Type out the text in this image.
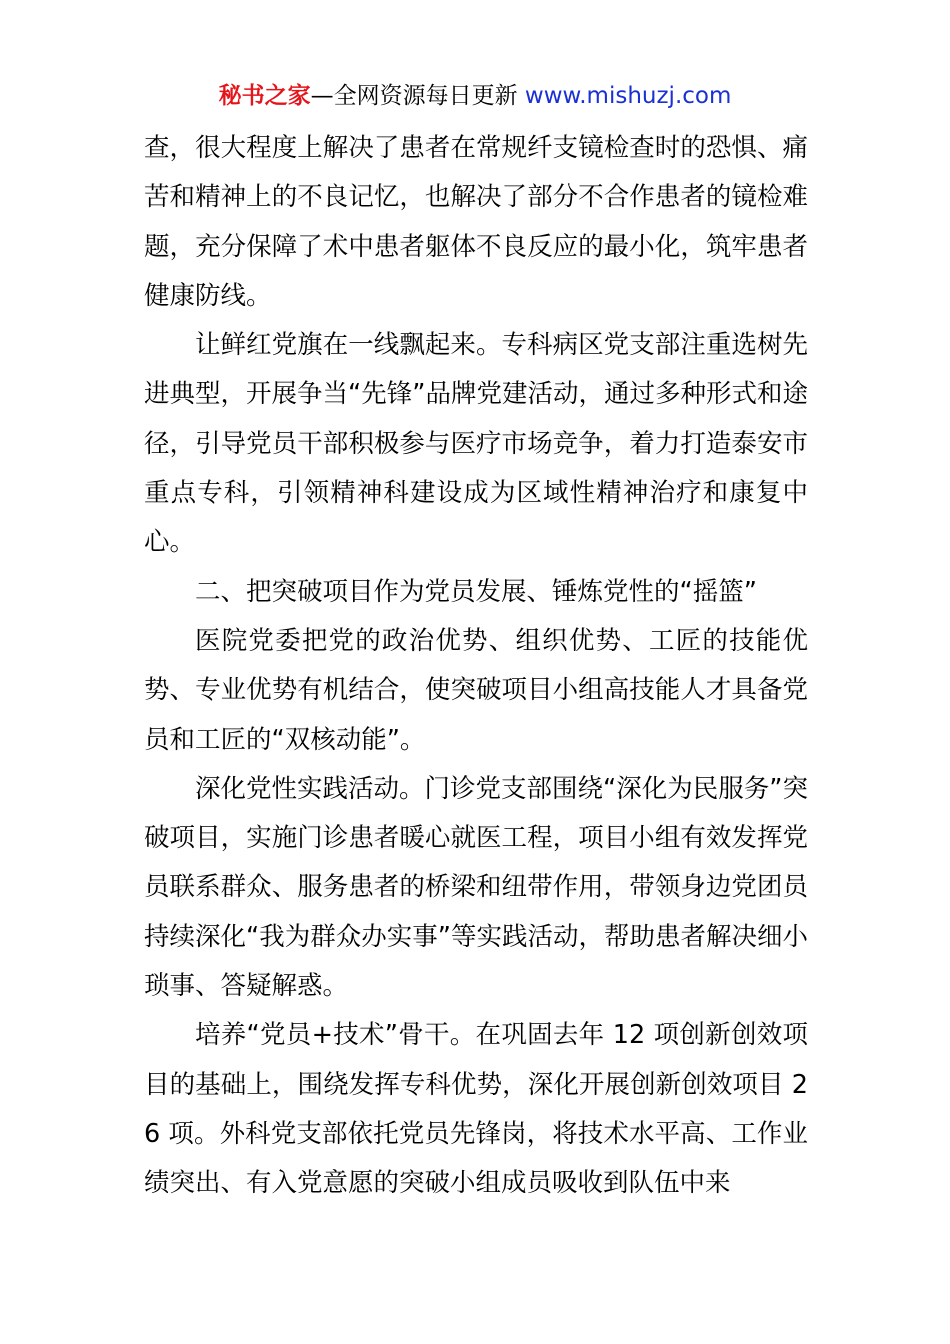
秘书之家—全网资源每日更新 www.mishuzj.com

查，很大程度上解决了患者在常规纤支镜检查时的恐惧、痛苦和精神上的不良记忆，也解决了部分不合作患者的镜检难题，充分保障了术中患者躯体不良反应的最小化，筑牢患者健康防线。

让鲜红党旗在一线飘起来。专科病区党支部注重选树先进典型，开展争当“先锋”品牌党建活动，通过多种形式和途径，引导党员干部积极参与医疗市场竞争，着力打造泰安市重点专科，引领精神科建设成为区域性精神治疗和康复中心。

二、把突破项目作为党员发展、锤炼党性的“摇篮”

医院党委把党的政治优势、组织优势、工匠的技能优势、专业优势有机结合，使突破项目小组高技能人才具备党员和工匠的“双核动能”。

深化党性实践活动。门诊党支部围绕“深化为民服务”突破项目，实施门诊患者暖心就医工程，项目小组有效发挥党员联系群众、服务患者的桥梁和纽带作用，带领身边党团员持续深化“我为群众办实事”等实践活动，帮助患者解决细小琐事、答疑解惑。

培养“党员+技术”骨干。在巩固去年 12 项创新创效项目的基础上，围绕发挥专科优势，深化开展创新创效项目 26 项。外科党支部依托党员先锋岗，将技术水平高、工作业绩突出、有入党意愿的突破小组成员吸收到队伍中来
